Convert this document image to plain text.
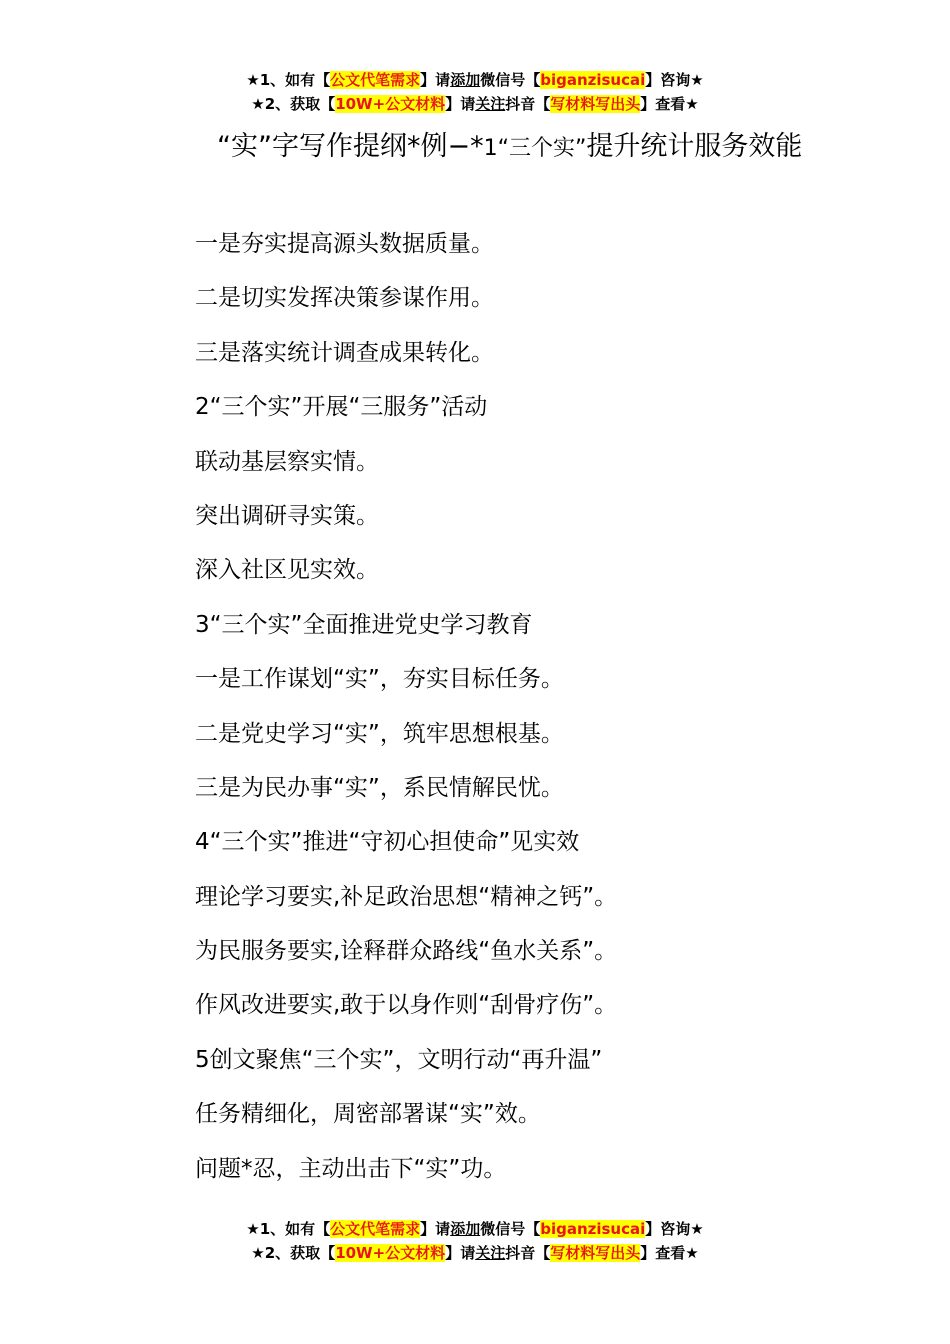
★1、如有【公文代笔需求】请添加微信号【biganzisucai】咨询★
★2、获取【10W+公文材料】请关注抖音【写材料写出头】查看★

“实”字写作提纲*例−*1“三个实”提升统计服务效能

一是夯实提高源头数据质量。
二是切实发挥决策参谋作用。
三是落实统计调查成果转化。
2“三个实”开展“三服务”活动
联动基层察实情。
突出调研寻实策。
深入社区见实效。
3“三个实”全面推进党史学习教育
一是工作谋划“实”，夯实目标任务。
二是党史学习“实”，筑牢思想根基。
三是为民办事“实”，系民情解民忧。
4“三个实”推进“守初心担使命”见实效
理论学习要实,补足政治思想“精神之钙”。
为民服务要实,诠释群众路线“鱼水关系”。
作风改进要实,敢于以身作则“刮骨疗伤”。
5创文聚焦“三个实”，文明行动“再升温”
任务精细化，周密部署谋“实”效。
问题*忍，主动出击下“实”功。
★1、如有【公文代笔需求】请添加微信号【biganzisucai】咨询★
★2、获取【10W+公文材料】请关注抖音【写材料写出头】查看★
